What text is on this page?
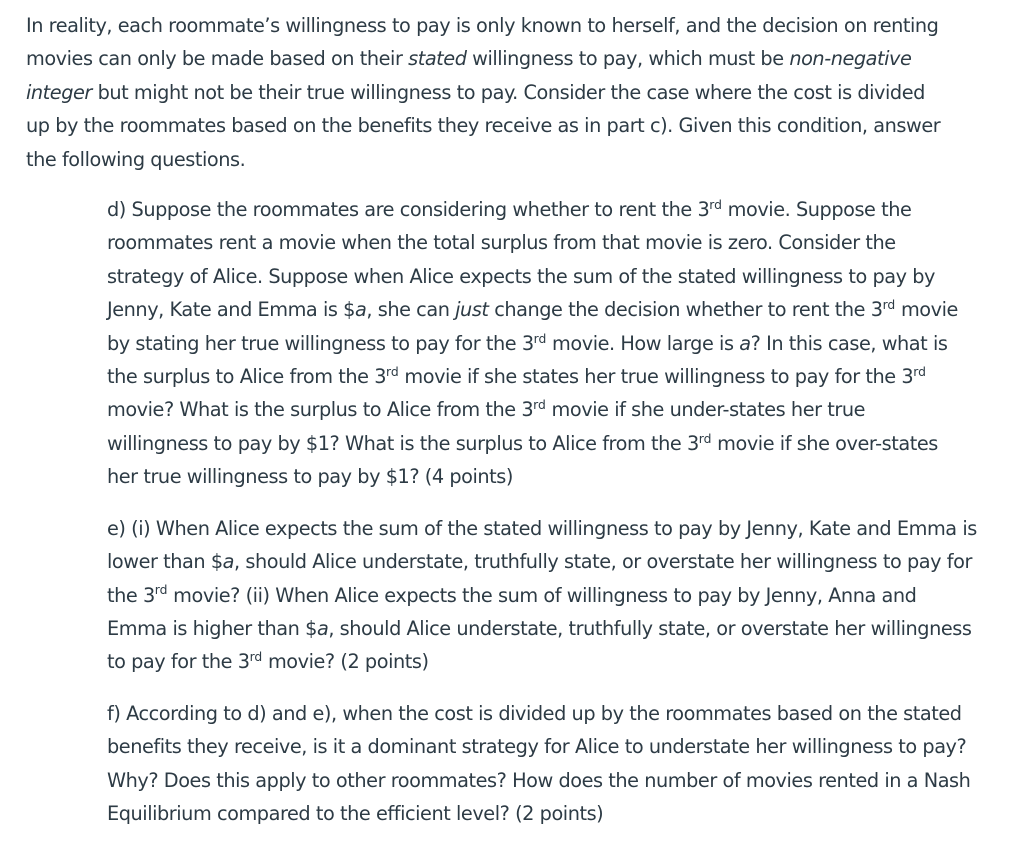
In reality, each roommate’s willingness to pay is only known to herself, and the decision on renting
movies can only be made based on their stated willingness to pay, which must be non-negative
integer but might not be their true willingness to pay. Consider the case where the cost is divided
up by the roommates based on the benefits they receive as in part c). Given this condition, answer
the following questions.
d) Suppose the roommates are considering whether to rent the 3rd movie. Suppose the
roommates rent a movie when the total surplus from that movie is zero. Consider the
strategy of Alice. Suppose when Alice expects the sum of the stated willingness to pay by
Jenny, Kate and Emma is $a, she can just change the decision whether to rent the 3rd movie
by stating her true willingness to pay for the 3rd movie. How large is a? In this case, what is
the surplus to Alice from the 3rd movie if she states her true willingness to pay for the 3rd
movie? What is the surplus to Alice from the 3rd movie if she under-states her true
willingness to pay by $1? What is the surplus to Alice from the 3rd movie if she over-states
her true willingness to pay by $1? (4 points)
e) (i) When Alice expects the sum of the stated willingness to pay by Jenny, Kate and Emma is
lower than $a, should Alice understate, truthfully state, or overstate her willingness to pay for
the 3rd movie? (ii) When Alice expects the sum of willingness to pay by Jenny, Anna and
Emma is higher than $a, should Alice understate, truthfully state, or overstate her willingness
to pay for the 3rd movie? (2 points)
f) According to d) and e), when the cost is divided up by the roommates based on the stated
benefits they receive, is it a dominant strategy for Alice to understate her willingness to pay?
Why? Does this apply to other roommates? How does the number of movies rented in a Nash
Equilibrium compared to the efficient level? (2 points)
